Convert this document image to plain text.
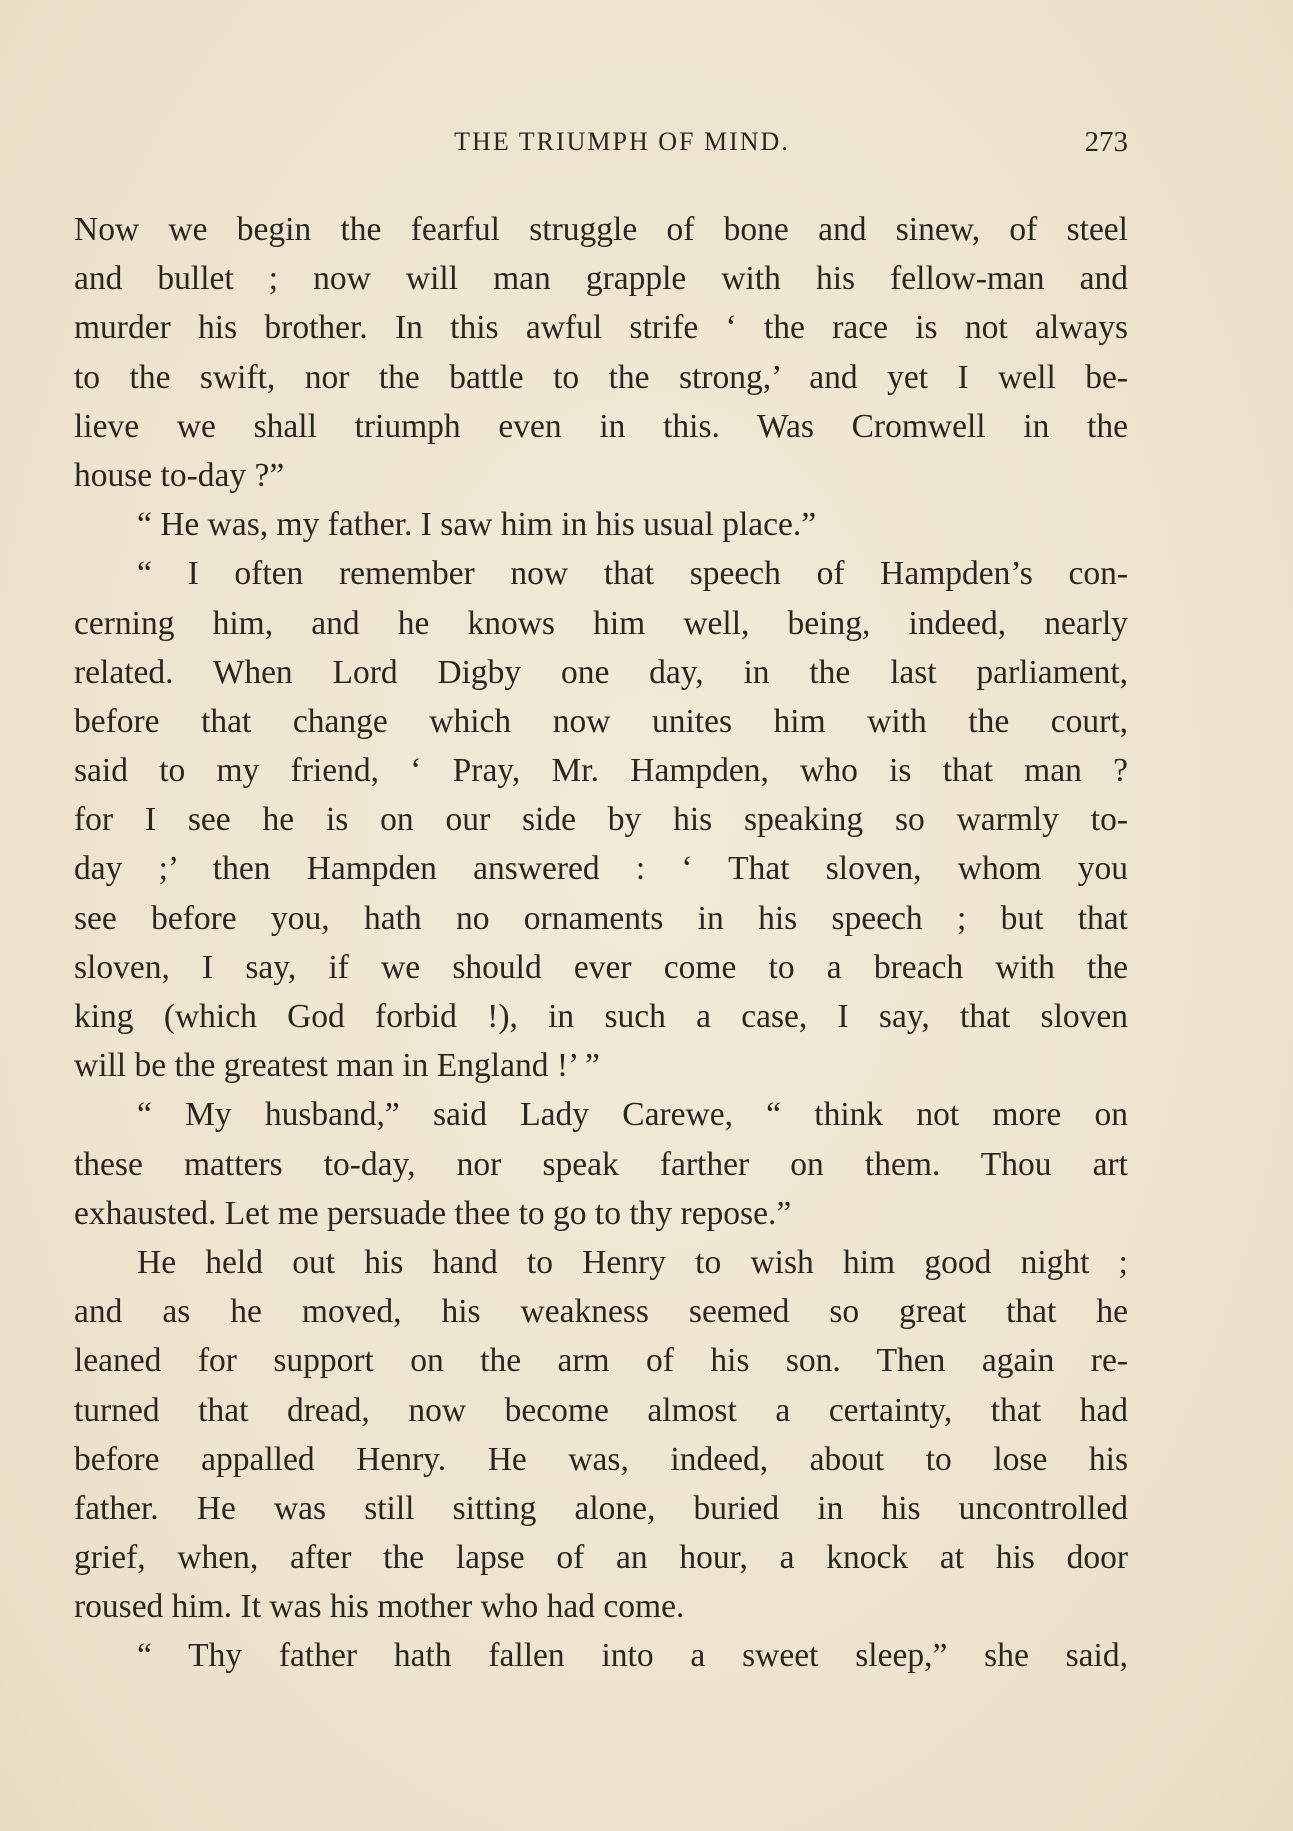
THE TRIUMPH OF MIND.	273
Now we begin the fearful struggle of bone and sinew, of steel
and bullet ; now will man grapple with his fellow-man and
murder his brother. In this awful strife ‘ the race is not always
to the swift, nor the battle to the strong,’ and yet I well be-
lieve we shall triumph even in this. Was Cromwell in the
house to-day ?”
“ He was, my father. I saw him in his usual place.”
“ I often remember now that speech of Hampden’s con-
cerning him, and he knows him well, being, indeed, nearly
related. When Lord Digby one day, in the last parliament,
before that change which now unites him with the court,
said to my friend, ‘ Pray, Mr. Hampden, who is that man ?
for I see he is on our side by his speaking so warmly to-
day ;’ then Hampden answered : ‘ That sloven, whom you
see before you, hath no ornaments in his speech ; but that
sloven, I say, if we should ever come to a breach with the
king (which God forbid !), in such a case, I say, that sloven
will be the greatest man in England !’ ”
“ My husband,” said Lady Carewe, “ think not more on
these matters to-day, nor speak farther on them. Thou art
exhausted. Let me persuade thee to go to thy repose.”
He held out his hand to Henry to wish him good night ;
and as he moved, his weakness seemed so great that he
leaned for support on the arm of his son. Then again re-
turned that dread, now become almost a certainty, that had
before appalled Henry. He was, indeed, about to lose his
father. He was still sitting alone, buried in his uncontrolled
grief, when, after the lapse of an hour, a knock at his door
roused him. It was his mother who had come.
“ Thy father hath fallen into a sweet sleep,” she said,
